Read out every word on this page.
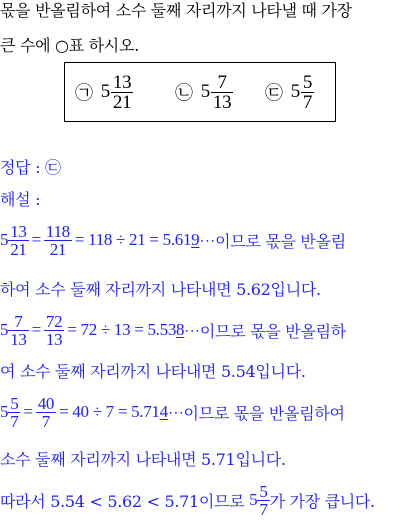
몫을 반올림하여 소수 둘째 자리까지 나타낼 때 가장
큰 수에 ○표 하시오.
㉠ $5 \frac{13}{21}$ ㉡ $5 \frac{7}{13}$ ㉢ $5 \frac{5}{7}$
정답 : ㉢
해설 :
$5 \frac{13}{21} = \frac{118}{21} = 118 \div 21 = 5.61$ 9 ⋯이므로 몫을 반올림
하여 소수 둘째 자리까지 나타내면 5.62입니다.
$5 \frac{7}{13} = \frac{72}{13} = 72 \div 13 = 5.53$ 8 ⋯이므로 몫을 반올림하
여 소수 둘째 자리까지 나타내면 5.54입니다.
$5 \frac{5}{7} = \frac{40}{7} = 40 \div 7 = 5.71$ 4 ⋯이므로 몫을 반올림하여
소수 둘째 자리까지 나타내면 5.71입니다.
따라서 5.54 < 5.62 < 5.71이므로 $5 \frac{5}{7}$ 가 가장 큽니다.
